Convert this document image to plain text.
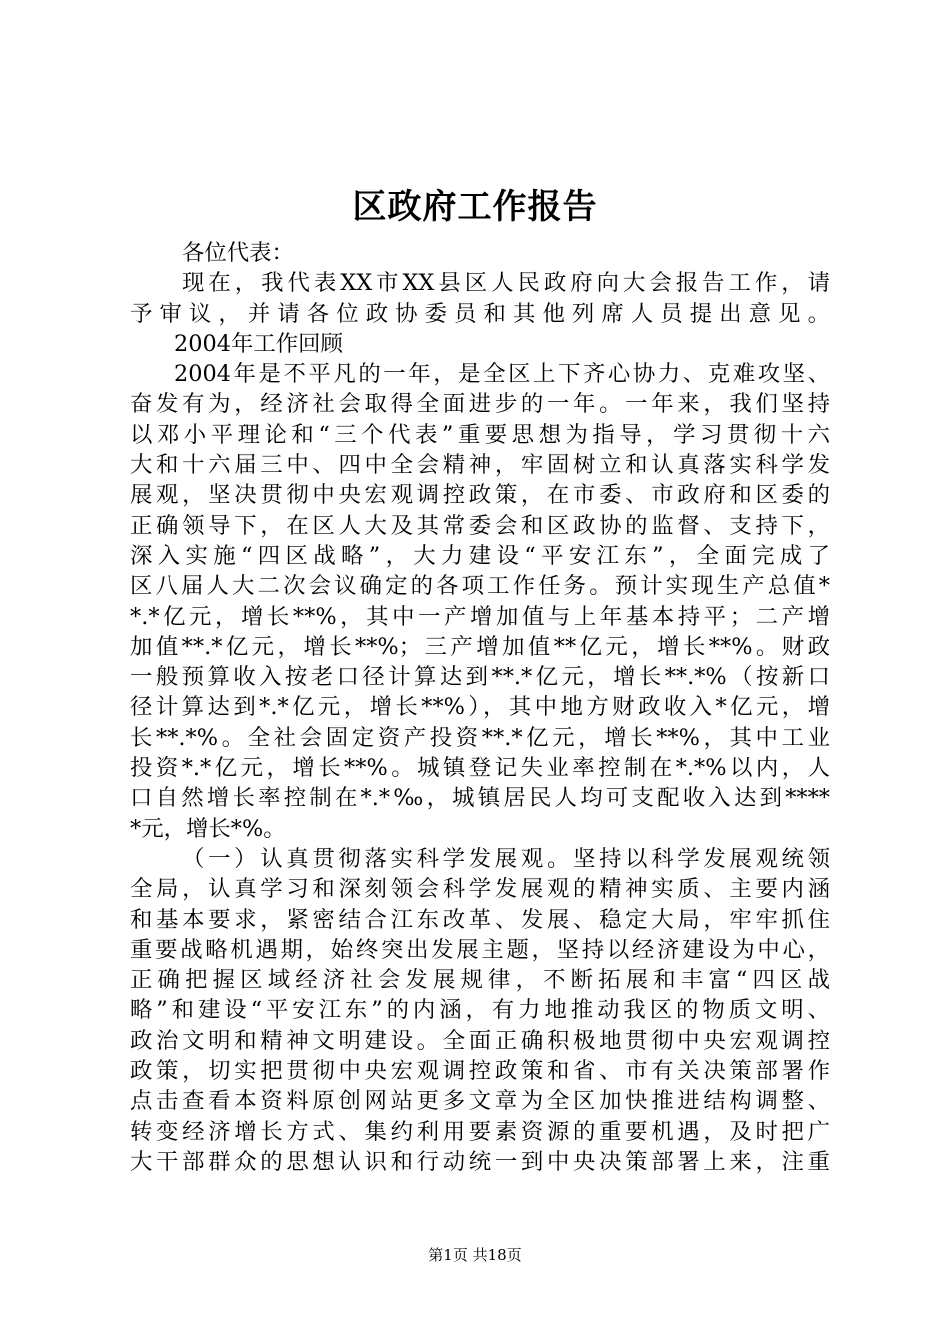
区政府工作报告
各位代表：
现在，我代表XX市XX县区人民政府向大会报告工作，请
予审议，并请各位政协委员和其他列席人员提出意见。
2004年工作回顾
2004年是不平凡的一年，是全区上下齐心协力、克难攻坚、
奋发有为，经济社会取得全面进步的一年。一年来，我们坚持
以邓小平理论和“三个代表”重要思想为指导，学习贯彻十六
大和十六届三中、四中全会精神，牢固树立和认真落实科学发
展观，坚决贯彻中央宏观调控政策，在市委、市政府和区委的
正确领导下，在区人大及其常委会和区政协的监督、支持下，
深入实施“四区战略”，大力建设“平安江东”，全面完成了
区八届人大二次会议确定的各项工作任务。预计实现生产总值*
*.*亿元，增长**%，其中一产增加值与上年基本持平；二产增
加值**.*亿元，增长**%；三产增加值**亿元，增长**%。财政
一般预算收入按老口径计算达到**.*亿元，增长**.*%（按新口
径计算达到*.*亿元，增长**%），其中地方财政收入*亿元，增
长**.*%。全社会固定资产投资**.*亿元，增长**%，其中工业
投资*.*亿元，增长**%。城镇登记失业率控制在*.*%以内，人
口自然增长率控制在*.*‰，城镇居民人均可支配收入达到****
*元，增长*%。
（一）认真贯彻落实科学发展观。坚持以科学发展观统领
全局，认真学习和深刻领会科学发展观的精神实质、主要内涵
和基本要求，紧密结合江东改革、发展、稳定大局，牢牢抓住
重要战略机遇期，始终突出发展主题，坚持以经济建设为中心，
正确把握区域经济社会发展规律，不断拓展和丰富“四区战
略”和建设“平安江东”的内涵，有力地推动我区的物质文明、
政治文明和精神文明建设。全面正确积极地贯彻中央宏观调控
政策，切实把贯彻中央宏观调控政策和省、市有关决策部署作
点击查看本资料原创网站更多文章为全区加快推进结构调整、
转变经济增长方式、集约利用要素资源的重要机遇，及时把广
大干部群众的思想认识和行动统一到中央决策部署上来，注重
第1页 共18页
